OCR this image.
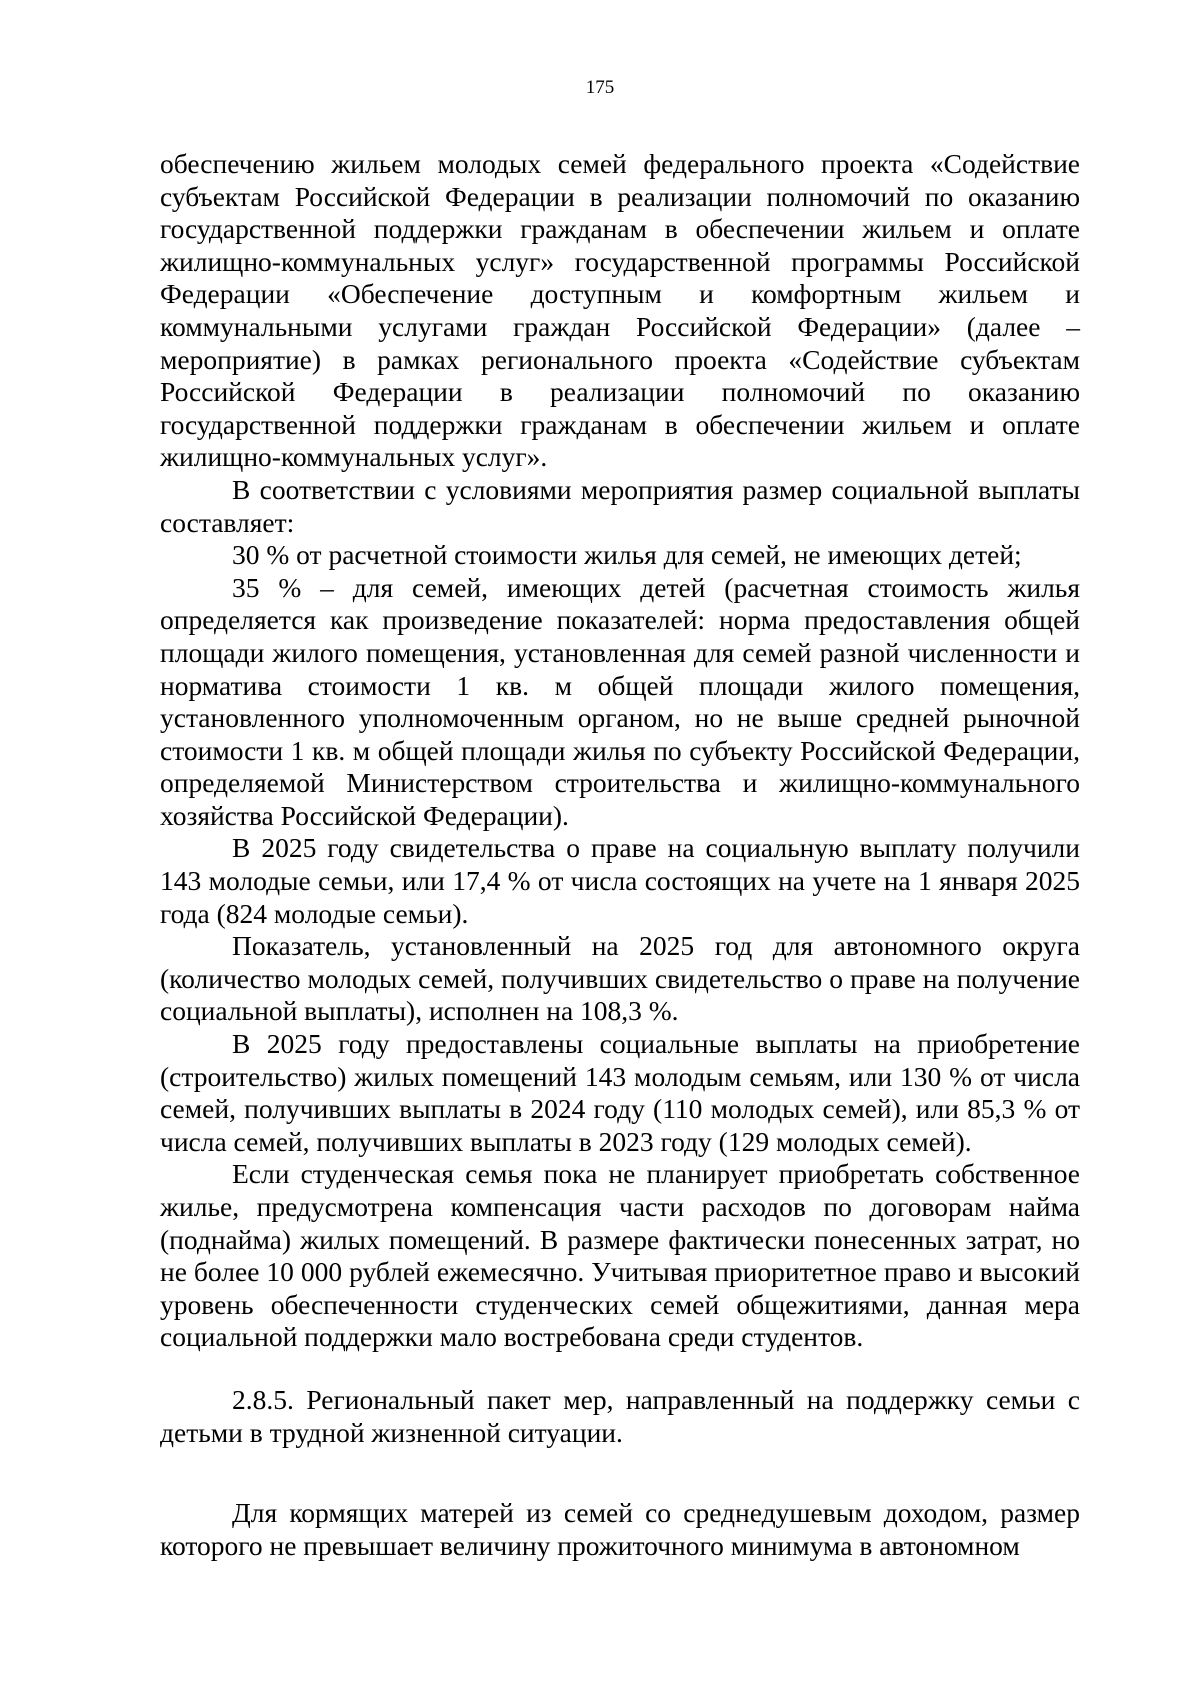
175

обеспечению жильем молодых семей федерального проекта «Содействие субъектам Российской Федерации в реализации полномочий по оказанию государственной поддержки гражданам в обеспечении жильем и оплате жилищно-коммунальных услуг» государственной программы Российской Федерации «Обеспечение доступным и комфортным жильем и коммунальными услугами граждан Российской Федерации» (далее – мероприятие) в рамках регионального проекта «Содействие субъектам Российской Федерации в реализации полномочий по оказанию государственной поддержки гражданам в обеспечении жильем и оплате жилищно-коммунальных услуг».

В соответствии с условиями мероприятия размер социальной выплаты составляет:

30 % от расчетной стоимости жилья для семей, не имеющих детей;

35 % – для семей, имеющих детей (расчетная стоимость жилья определяется как произведение показателей: норма предоставления общей площади жилого помещения, установленная для семей разной численности и норматива стоимости 1 кв. м общей площади жилого помещения, установленного уполномоченным органом, но не выше средней рыночной стоимости 1 кв. м общей площади жилья по субъекту Российской Федерации, определяемой Министерством строительства и жилищно-коммунального хозяйства Российской Федерации).

В 2025 году свидетельства о праве на социальную выплату получили 143 молодые семьи, или 17,4 % от числа состоящих на учете на 1 января 2025 года (824 молодые семьи).

Показатель, установленный на 2025 год для автономного округа (количество молодых семей, получивших свидетельство о праве на получение социальной выплаты), исполнен на 108,3 %.

В 2025 году предоставлены социальные выплаты на приобретение (строительство) жилых помещений 143 молодым семьям, или 130 % от числа семей, получивших выплаты в 2024 году (110 молодых семей), или 85,3 % от числа семей, получивших выплаты в 2023 году (129 молодых семей).

Если студенческая семья пока не планирует приобретать собственное жилье, предусмотрена компенсация части расходов по договорам найма (поднайма) жилых помещений. В размере фактически понесенных затрат, но не более 10 000 рублей ежемесячно. Учитывая приоритетное право и высокий уровень обеспеченности студенческих семей общежитиями, данная мера социальной поддержки мало востребована среди студентов.

2.8.5. Региональный пакет мер, направленный на поддержку семьи с детьми в трудной жизненной ситуации.

Для кормящих матерей из семей со среднедушевым доходом, размер которого не превышает величину прожиточного минимума в автономном
